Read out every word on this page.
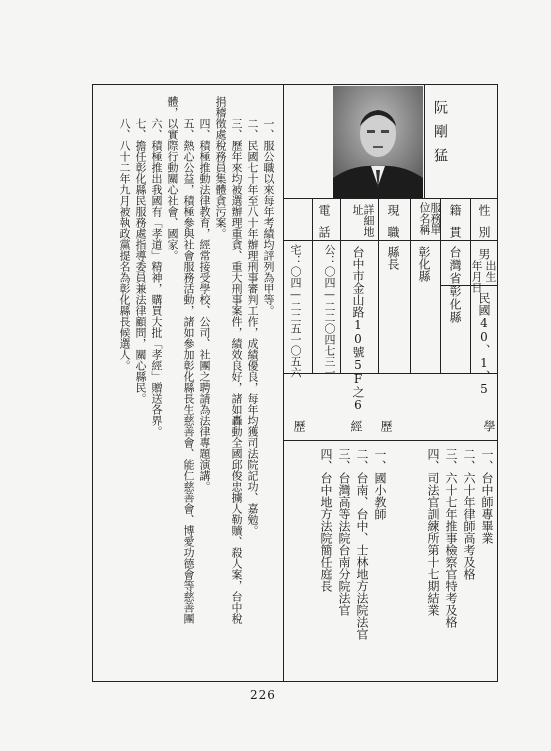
阮剛猛
性別
男
出生
年月日
民國40、1、5
籍貫
台灣省彰化縣
服務單位名稱
彰化縣
現職
縣長
詳細地址
台中市金山路10號5F之6
電話
公：〇四—二二〇四七三一
宅：〇四—二二五一〇五六
學
經 歷
歷
一、台中師專畢業
二、六十年律師高考及格
三、六十七年推事檢察官特考及格
四、司法官訓練所第十七期結業
一、國小教師
二、台南、台中、士林地方法院法官
三、台灣高等法院台南分院法官
四、台中地方法院簡任庭長
一、服公職以來每年考績均評列為甲等。
二、民國七十年至八十年辦理刑事審判工作，成績優良，每年均獲司法院記功、嘉勉。
三、歷年來均被選辦理重貪、重大刑事案件，績效良好，諸如轟動全國邱俊忠擄人勒贖、殺人案，台中稅
捐稽徵處稅務員集體貪污案。
四、積極推動法律教育，經常接受學校、公司、社團之聘請為法律專題演講。
五、熱心公益，積極參與社會服務活動，諸如參加彰化縣長生慈善會、能仁慈善會、博愛功德會等慈善團
體，以實際行動關心社會、國家。
六、積極推出我國有「孝道」精神，購買大批「孝經」贈送各界。
七、擔任彰化縣民服務處指導委員兼法律顧問，關心縣民。
八、八十二年九月被執政黨提名為彰化縣長候選人。
226
